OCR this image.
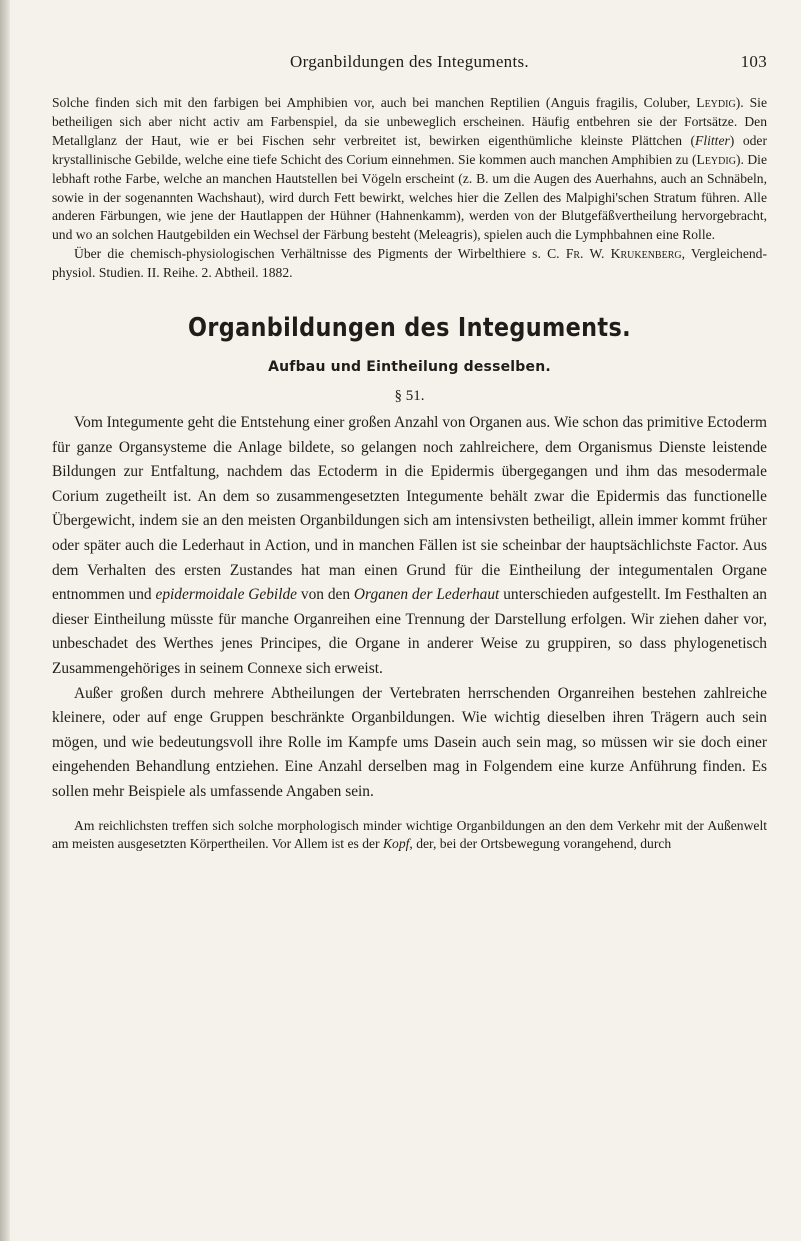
Organbildungen des Integuments.	103

Solche finden sich mit den farbigen bei Amphibien vor, auch bei manchen Reptilien (Anguis fragilis, Coluber, Leydig). Sie betheiligen sich aber nicht activ am Farbenspiel, da sie unbeweglich erscheinen. Häufig entbehren sie der Fortsätze. Den Metallglanz der Haut, wie er bei Fischen sehr verbreitet ist, bewirken eigenthümliche kleinste Plättchen (Flitter) oder krystallinische Gebilde, welche eine tiefe Schicht des Corium einnehmen. Sie kommen auch manchen Amphibien zu (Leydig). Die lebhaft rothe Farbe, welche an manchen Hautstellen bei Vögeln erscheint (z. B. um die Augen des Auerhahns, auch an Schnäbeln, sowie in der sogenannten Wachshaut), wird durch Fett bewirkt, welches hier die Zellen des Malpighi'schen Stratum führen. Alle anderen Färbungen, wie jene der Hautlappen der Hühner (Hahnenkamm), werden von der Blutgefäßvertheilung hervorgebracht, und wo an solchen Hautgebilden ein Wechsel der Färbung besteht (Meleagris), spielen auch die Lymphbahnen eine Rolle.

Über die chemisch-physiologischen Verhältnisse des Pigments der Wirbelthiere s. C. Fr. W. Krukenberg, Vergleichend-physiol. Studien. II. Reihe. 2. Abtheil. 1882.

Organbildungen des Integuments.
Aufbau und Eintheilung desselben.
§ 51.

Vom Integumente geht die Entstehung einer großen Anzahl von Organen aus. Wie schon das primitive Ectoderm für ganze Organsysteme die Anlage bildete, so gelangen noch zahlreichere, dem Organismus Dienste leistende Bildungen zur Entfaltung, nachdem das Ectoderm in die Epidermis übergegangen und ihm das mesodermale Corium zugetheilt ist. An dem so zusammengesetzten Integumente behält zwar die Epidermis das functionelle Übergewicht, indem sie an den meisten Organbildungen sich am intensivsten betheiligt, allein immer kommt früher oder später auch die Lederhaut in Action, und in manchen Fällen ist sie scheinbar der hauptsächlichste Factor. Aus dem Verhalten des ersten Zustandes hat man einen Grund für die Eintheilung der integumentalen Organe entnommen und epidermoidale Gebilde von den Organen der Lederhaut unterschieden aufgestellt. Im Festhalten an dieser Eintheilung müsste für manche Organreihen eine Trennung der Darstellung erfolgen. Wir ziehen daher vor, unbeschadet des Werthes jenes Principes, die Organe in anderer Weise zu gruppiren, so dass phylogenetisch Zusammengehöriges in seinem Connexe sich erweist.

Außer großen durch mehrere Abtheilungen der Vertebraten herrschenden Organreihen bestehen zahlreiche kleinere, oder auf enge Gruppen beschränkte Organbildungen. Wie wichtig dieselben ihren Trägern auch sein mögen, und wie bedeutungsvoll ihre Rolle im Kampfe ums Dasein auch sein mag, so müssen wir sie doch einer eingehenden Behandlung entziehen. Eine Anzahl derselben mag in Folgendem eine kurze Anführung finden. Es sollen mehr Beispiele als umfassende Angaben sein.

Am reichlichsten treffen sich solche morphologisch minder wichtige Organbildungen an den dem Verkehr mit der Außenwelt am meisten ausgesetzten Körpertheilen. Vor Allem ist es der Kopf, der, bei der Ortsbewegung vorangehend, durch
